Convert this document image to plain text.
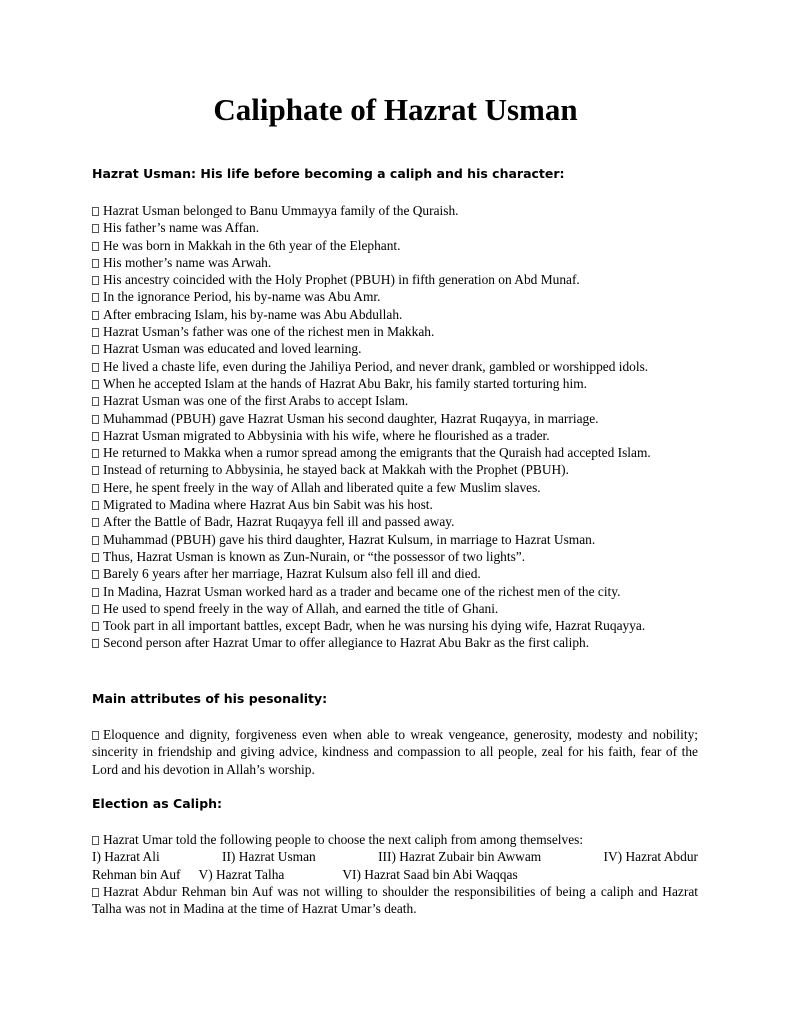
Caliphate of Hazrat Usman
Hazrat Usman: His life before becoming a caliph and his character:
Hazrat Usman belonged to Banu Ummayya family of the Quraish.
His father’s name was Affan.
He was born in Makkah in the 6th year of the Elephant.
His mother’s name was Arwah.
His ancestry coincided with the Holy Prophet (PBUH) in fifth generation on Abd Munaf.
In the ignorance Period, his by-name was Abu Amr.
After embracing Islam, his by-name was Abu Abdullah.
Hazrat Usman’s father was one of the richest men in Makkah.
Hazrat Usman was educated and loved learning.
He lived a chaste life, even during the Jahiliya Period, and never drank, gambled or worshipped idols.
When he accepted Islam at the hands of Hazrat Abu Bakr, his family started torturing him.
Hazrat Usman was one of the first Arabs to accept Islam.
Muhammad (PBUH) gave Hazrat Usman his second daughter, Hazrat Ruqayya, in marriage.
Hazrat Usman migrated to Abbysinia with his wife, where he flourished as a trader.
He returned to Makka when a rumor spread among the emigrants that the Quraish had accepted Islam.
Instead of returning to Abbysinia, he stayed back at Makkah with the Prophet (PBUH).
Here, he spent freely in the way of Allah and liberated quite a few Muslim slaves.
Migrated to Madina where Hazrat Aus bin Sabit was his host.
After the Battle of Badr, Hazrat Ruqayya fell ill and passed away.
Muhammad (PBUH) gave his third daughter, Hazrat Kulsum, in marriage to Hazrat Usman.
Thus, Hazrat Usman is known as Zun-Nurain, or “the possessor of two lights”.
Barely 6 years after her marriage, Hazrat Kulsum also fell ill and died.
In Madina, Hazrat Usman worked hard as a trader and became one of the richest men of the city.
He used to spend freely in the way of Allah, and earned the title of Ghani.
Took part in all important battles, except Badr, when he was nursing his dying wife, Hazrat Ruqayya.
Second person after Hazrat Umar to offer allegiance to Hazrat Abu Bakr as the first caliph.
Main attributes of his pesonality:
Eloquence and dignity, forgiveness even when able to wreak vengeance, generosity, modesty and nobility; sincerity in friendship and giving advice, kindness and compassion to all people, zeal for his faith, fear of the Lord and his devotion in Allah’s worship.
Election as Caliph:
Hazrat Umar told the following people to choose the next caliph from among themselves:
I) Hazrat Ali	II) Hazrat Usman	III) Hazrat Zubair bin Awwam	IV) Hazrat Abdur
Rehman bin Auf V) Hazrat Talha	VI) Hazrat Saad bin Abi Waqqas
Hazrat Abdur Rehman bin Auf was not willing to shoulder the responsibilities of being a caliph and Hazrat Talha was not in Madina at the time of Hazrat Umar’s death.
